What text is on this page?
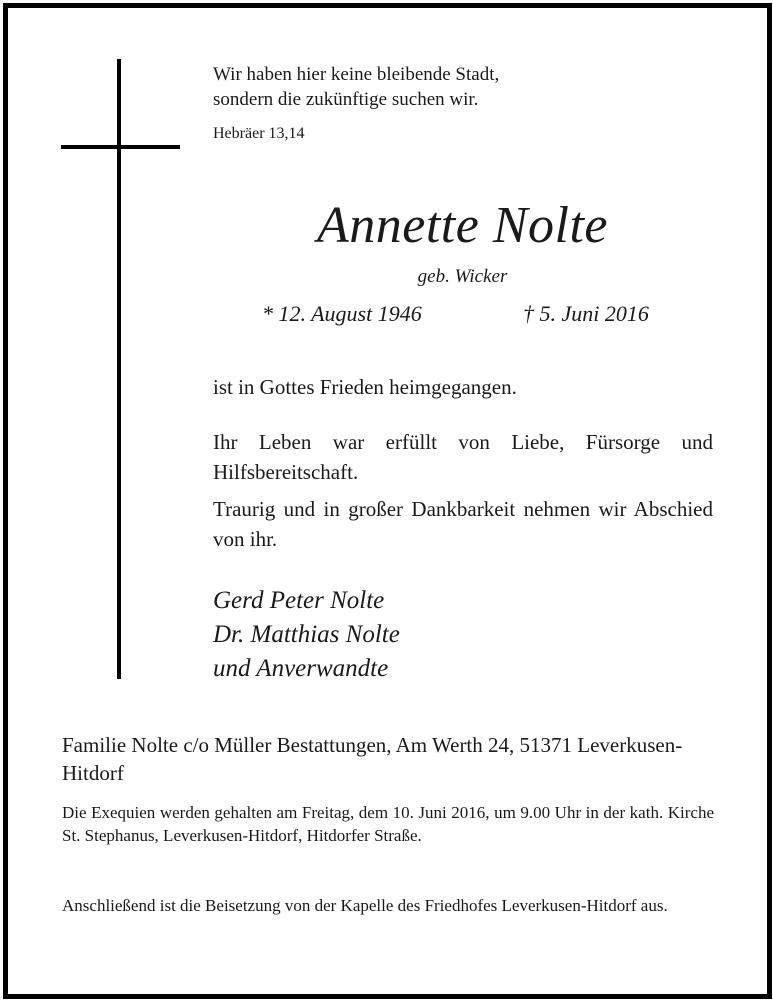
Wir haben hier keine bleibende Stadt,
sondern die zukünftige suchen wir.
Hebräer 13,14
Annette Nolte
geb. Wicker
* 12. August 1946	† 5. Juni 2016
ist in Gottes Frieden heimgegangen.
Ihr Leben war erfüllt von Liebe, Fürsorge und Hilfsbereitschaft.
Traurig und in großer Dankbarkeit nehmen wir Abschied von ihr.
Gerd Peter Nolte
Dr. Matthias Nolte
und Anverwandte
Familie Nolte c/o Müller Bestattungen, Am Werth 24, 51371 Leverkusen-Hitdorf
Die Exequien werden gehalten am Freitag, dem 10. Juni 2016, um 9.00 Uhr in der kath. Kirche St. Stephanus, Leverkusen-Hitdorf, Hitdorfer Straße.
Anschließend ist die Beisetzung von der Kapelle des Friedhofes Leverkusen-Hitdorf aus.
